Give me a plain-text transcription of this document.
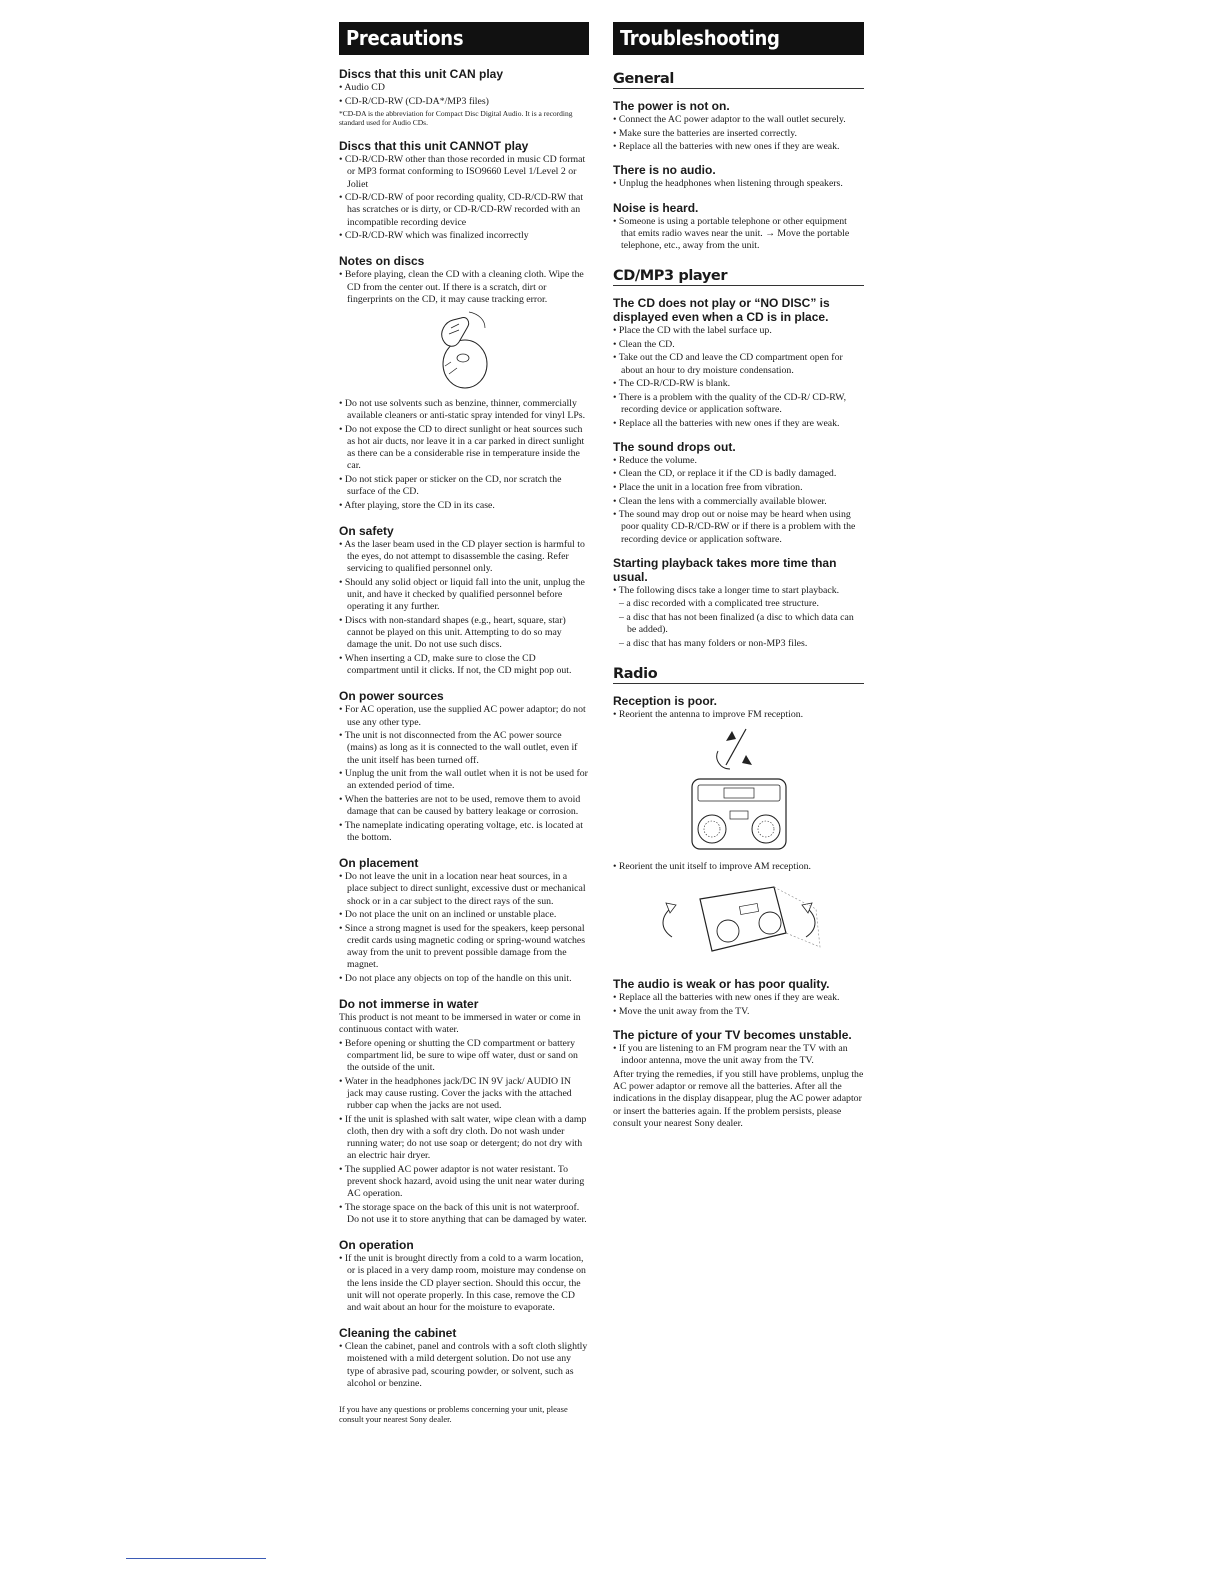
Precautions

Discs that this unit CAN play

• Audio CD
• CD-R/CD-RW (CD-DA*/MP3 files)

*CD-DA is the abbreviation for Compact Disc Digital Audio. It is a recording standard used for Audio CDs.

Discs that this unit CANNOT play

• CD-R/CD-RW other than those recorded in music CD format or MP3 format conforming to ISO9660 Level 1/Level 2 or Joliet
• CD-R/CD-RW of poor recording quality, CD-R/CD-RW that has scratches or is dirty, or CD-R/CD-RW recorded with an incompatible recording device
• CD-R/CD-RW which was finalized incorrectly

Notes on discs

• Before playing, clean the CD with a cleaning cloth. Wipe the CD from the center out. If there is a scratch, dirt or fingerprints on the CD, it may cause tracking error.
• Do not use solvents such as benzine, thinner, commercially available cleaners or anti-static spray intended for vinyl LPs.
• Do not expose the CD to direct sunlight or heat sources such as hot air ducts, nor leave it in a car parked in direct sunlight as there can be a considerable rise in temperature inside the car.
• Do not stick paper or sticker on the CD, nor scratch the surface of the CD.
• After playing, store the CD in its case.

On safety

• As the laser beam used in the CD player section is harmful to the eyes, do not attempt to disassemble the casing. Refer servicing to qualified personnel only.
• Should any solid object or liquid fall into the unit, unplug the unit, and have it checked by qualified personnel before operating it any further.
• Discs with non-standard shapes (e.g., heart, square, star) cannot be played on this unit. Attempting to do so may damage the unit. Do not use such discs.
• When inserting a CD, make sure to close the CD compartment until it clicks. If not, the CD might pop out.

On power sources

• For AC operation, use the supplied AC power adaptor; do not use any other type.
• The unit is not disconnected from the AC power source (mains) as long as it is connected to the wall outlet, even if the unit itself has been turned off.
• Unplug the unit from the wall outlet when it is not be used for an extended period of time.
• When the batteries are not to be used, remove them to avoid damage that can be caused by battery leakage or corrosion.
• The nameplate indicating operating voltage, etc. is located at the bottom.

On placement

• Do not leave the unit in a location near heat sources, in a place subject to direct sunlight, excessive dust or mechanical shock or in a car subject to the direct rays of the sun.
• Do not place the unit on an inclined or unstable place.
• Since a strong magnet is used for the speakers, keep personal credit cards using magnetic coding or spring-wound watches away from the unit to prevent possible damage from the magnet.
• Do not place any objects on top of the handle on this unit.

Do not immerse in water

This product is not meant to be immersed in water or come in continuous contact with water.

• Before opening or shutting the CD compartment or battery compartment lid, be sure to wipe off water, dust or sand on the outside of the unit.
• Water in the headphones jack/DC IN 9V jack/ AUDIO IN jack may cause rusting. Cover the jacks with the attached rubber cap when the jacks are not used.
• If the unit is splashed with salt water, wipe clean with a damp cloth, then dry with a soft dry cloth. Do not wash under running water; do not use soap or detergent; do not dry with an electric hair dryer.
• The supplied AC power adaptor is not water resistant. To prevent shock hazard, avoid using the unit near water during AC operation.
• The storage space on the back of this unit is not waterproof. Do not use it to store anything that can be damaged by water.

On operation

• If the unit is brought directly from a cold to a warm location, or is placed in a very damp room, moisture may condense on the lens inside the CD player section. Should this occur, the unit will not operate properly. In this case, remove the CD and wait about an hour for the moisture to evaporate.

Cleaning the cabinet

• Clean the cabinet, panel and controls with a soft cloth slightly moistened with a mild detergent solution. Do not use any type of abrasive pad, scouring powder, or solvent, such as alcohol or benzine.

If you have any questions or problems concerning your unit, please consult your nearest Sony dealer.

Troubleshooting
General

The power is not on.

• Connect the AC power adaptor to the wall outlet securely.
• Make sure the batteries are inserted correctly.
• Replace all the batteries with new ones if they are weak.

There is no audio.

• Unplug the headphones when listening through speakers.

Noise is heard.

• Someone is using a portable telephone or other equipment that emits radio waves near the unit. → Move the portable telephone, etc., away from the unit.
CD/MP3 player

The CD does not play or “NO DISC” is displayed even when a CD is in place.

• Place the CD with the label surface up.
• Clean the CD.
• Take out the CD and leave the CD compartment open for about an hour to dry moisture condensation.
• The CD-R/CD-RW is blank.
• There is a problem with the quality of the CD-R/ CD-RW, recording device or application software.
• Replace all the batteries with new ones if they are weak.

The sound drops out.

• Reduce the volume.
• Clean the CD, or replace it if the CD is badly damaged.
• Place the unit in a location free from vibration.
• Clean the lens with a commercially available blower.
• The sound may drop out or noise may be heard when using poor quality CD-R/CD-RW or if there is a problem with the recording device or application software.

Starting playback takes more time than usual.

• The following discs take a longer time to start playback.
– a disc recorded with a complicated tree structure.
– a disc that has not been finalized (a disc to which data can be added).
– a disc that has many folders or non-MP3 files.
Radio

Reception is poor.

• Reorient the antenna to improve FM reception.
• Reorient the unit itself to improve AM reception.

The audio is weak or has poor quality.

• Replace all the batteries with new ones if they are weak.
• Move the unit away from the TV.

The picture of your TV becomes unstable.

• If you are listening to an FM program near the TV with an indoor antenna, move the unit away from the TV.

After trying the remedies, if you still have problems, unplug the AC power adaptor or remove all the batteries. After all the indications in the display disappear, plug the AC power adaptor or insert the batteries again. If the problem persists, please consult your nearest Sony dealer.
